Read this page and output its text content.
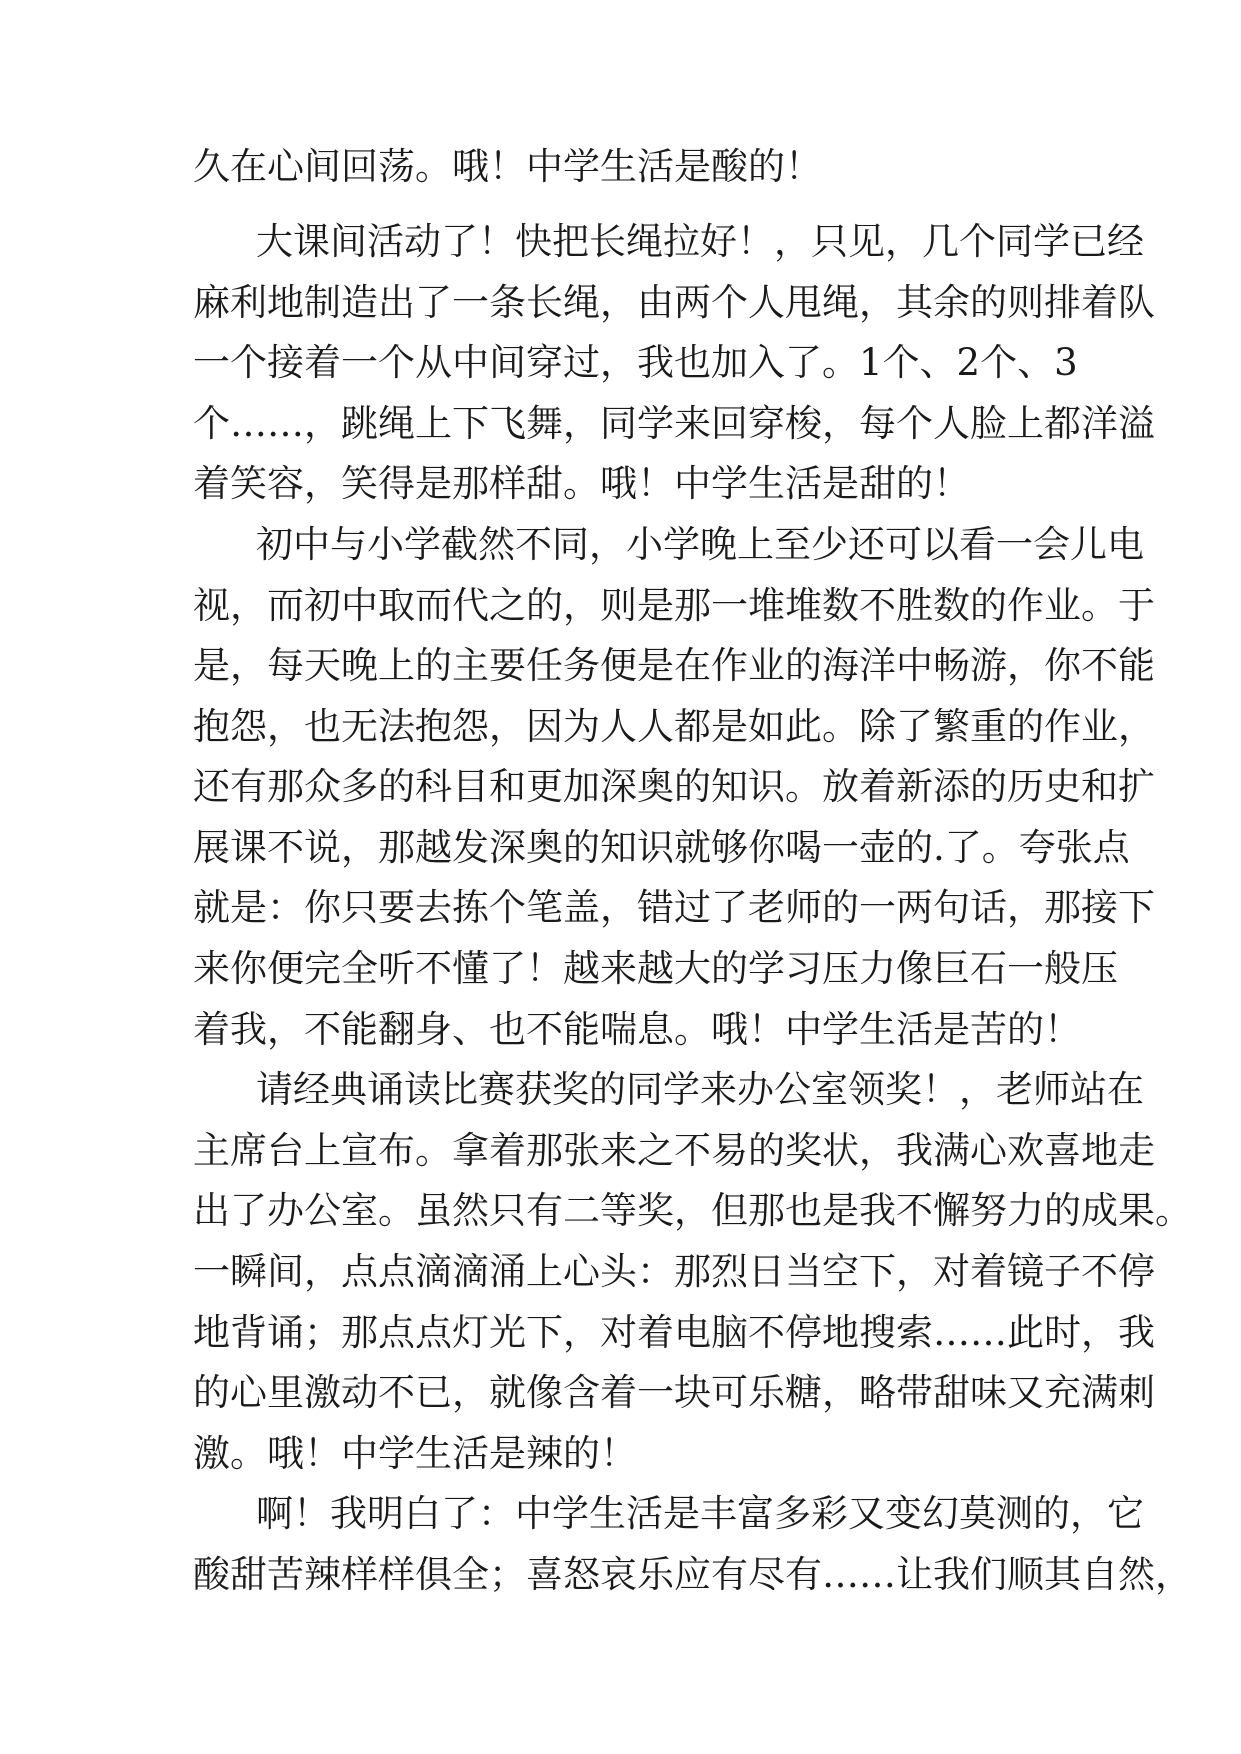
久在心间回荡。哦！中学生活是酸的！
大课间活动了！快把长绳拉好！，只见，几个同学已经
麻利地制造出了一条长绳，由两个人甩绳，其余的则排着队
一个接着一个从中间穿过，我也加入了。1个、2个、3
个……，跳绳上下飞舞，同学来回穿梭，每个人脸上都洋溢
着笑容，笑得是那样甜。哦！中学生活是甜的！
初中与小学截然不同，小学晚上至少还可以看一会儿电
视，而初中取而代之的，则是那一堆堆数不胜数的作业。于
是，每天晚上的主要任务便是在作业的海洋中畅游，你不能
抱怨，也无法抱怨，因为人人都是如此。除了繁重的作业，
还有那众多的科目和更加深奥的知识。放着新添的历史和扩
展课不说，那越发深奥的知识就够你喝一壶的.了。夸张点
就是：你只要去拣个笔盖，错过了老师的一两句话，那接下
来你便完全听不懂了！越来越大的学习压力像巨石一般压
着我，不能翻身、也不能喘息。哦！中学生活是苦的！
请经典诵读比赛获奖的同学来办公室领奖！，老师站在
主席台上宣布。拿着那张来之不易的奖状，我满心欢喜地走
出了办公室。虽然只有二等奖，但那也是我不懈努力的成果。
一瞬间，点点滴滴涌上心头：那烈日当空下，对着镜子不停
地背诵；那点点灯光下，对着电脑不停地搜索……此时，我
的心里激动不已，就像含着一块可乐糖，略带甜味又充满刺
激。哦！中学生活是辣的！
啊！我明白了：中学生活是丰富多彩又变幻莫测的，它
酸甜苦辣样样俱全；喜怒哀乐应有尽有……让我们顺其自然，
